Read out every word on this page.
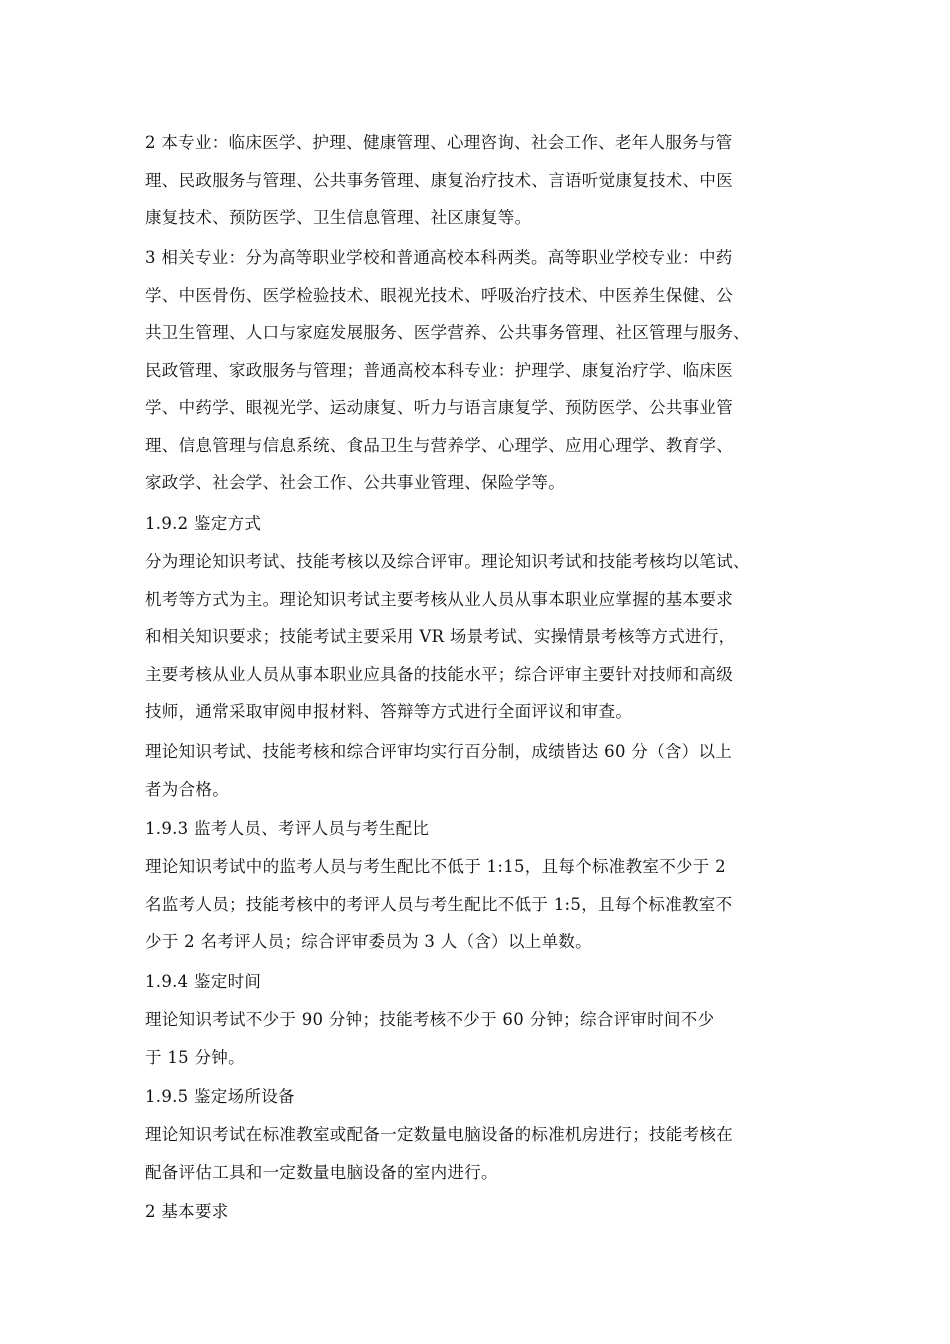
2 本专业：临床医学、护理、健康管理、心理咨询、社会工作、老年人服务与管
理、民政服务与管理、公共事务管理、康复治疗技术、言语听觉康复技术、中医
康复技术、预防医学、卫生信息管理、社区康复等。
3 相关专业：分为高等职业学校和普通高校本科两类。高等职业学校专业：中药
学、中医骨伤、医学检验技术、眼视光技术、呼吸治疗技术、中医养生保健、公
共卫生管理、人口与家庭发展服务、医学营养、公共事务管理、社区管理与服务、
民政管理、家政服务与管理；普通高校本科专业：护理学、康复治疗学、临床医
学、中药学、眼视光学、运动康复、听力与语言康复学、预防医学、公共事业管
理、信息管理与信息系统、食品卫生与营养学、心理学、应用心理学、教育学、
家政学、社会学、社会工作、公共事业管理、保险学等。
1.9.2 鉴定方式
分为理论知识考试、技能考核以及综合评审。理论知识考试和技能考核均以笔试、
机考等方式为主。理论知识考试主要考核从业人员从事本职业应掌握的基本要求
和相关知识要求；技能考试主要采用 VR 场景考试、实操情景考核等方式进行，
主要考核从业人员从事本职业应具备的技能水平；综合评审主要针对技师和高级
技师，通常采取审阅申报材料、答辩等方式进行全面评议和审查。
理论知识考试、技能考核和综合评审均实行百分制，成绩皆达 60 分（含）以上
者为合格。
1.9.3 监考人员、考评人员与考生配比
理论知识考试中的监考人员与考生配比不低于 1:15，且每个标准教室不少于 2
名监考人员；技能考核中的考评人员与考生配比不低于 1:5，且每个标准教室不
少于 2 名考评人员；综合评审委员为 3 人（含）以上单数。
1.9.4 鉴定时间
理论知识考试不少于 90 分钟；技能考核不少于 60 分钟；综合评审时间不少
于 15 分钟。
1.9.5 鉴定场所设备
理论知识考试在标准教室或配备一定数量电脑设备的标准机房进行；技能考核在
配备评估工具和一定数量电脑设备的室内进行。
2 基本要求
